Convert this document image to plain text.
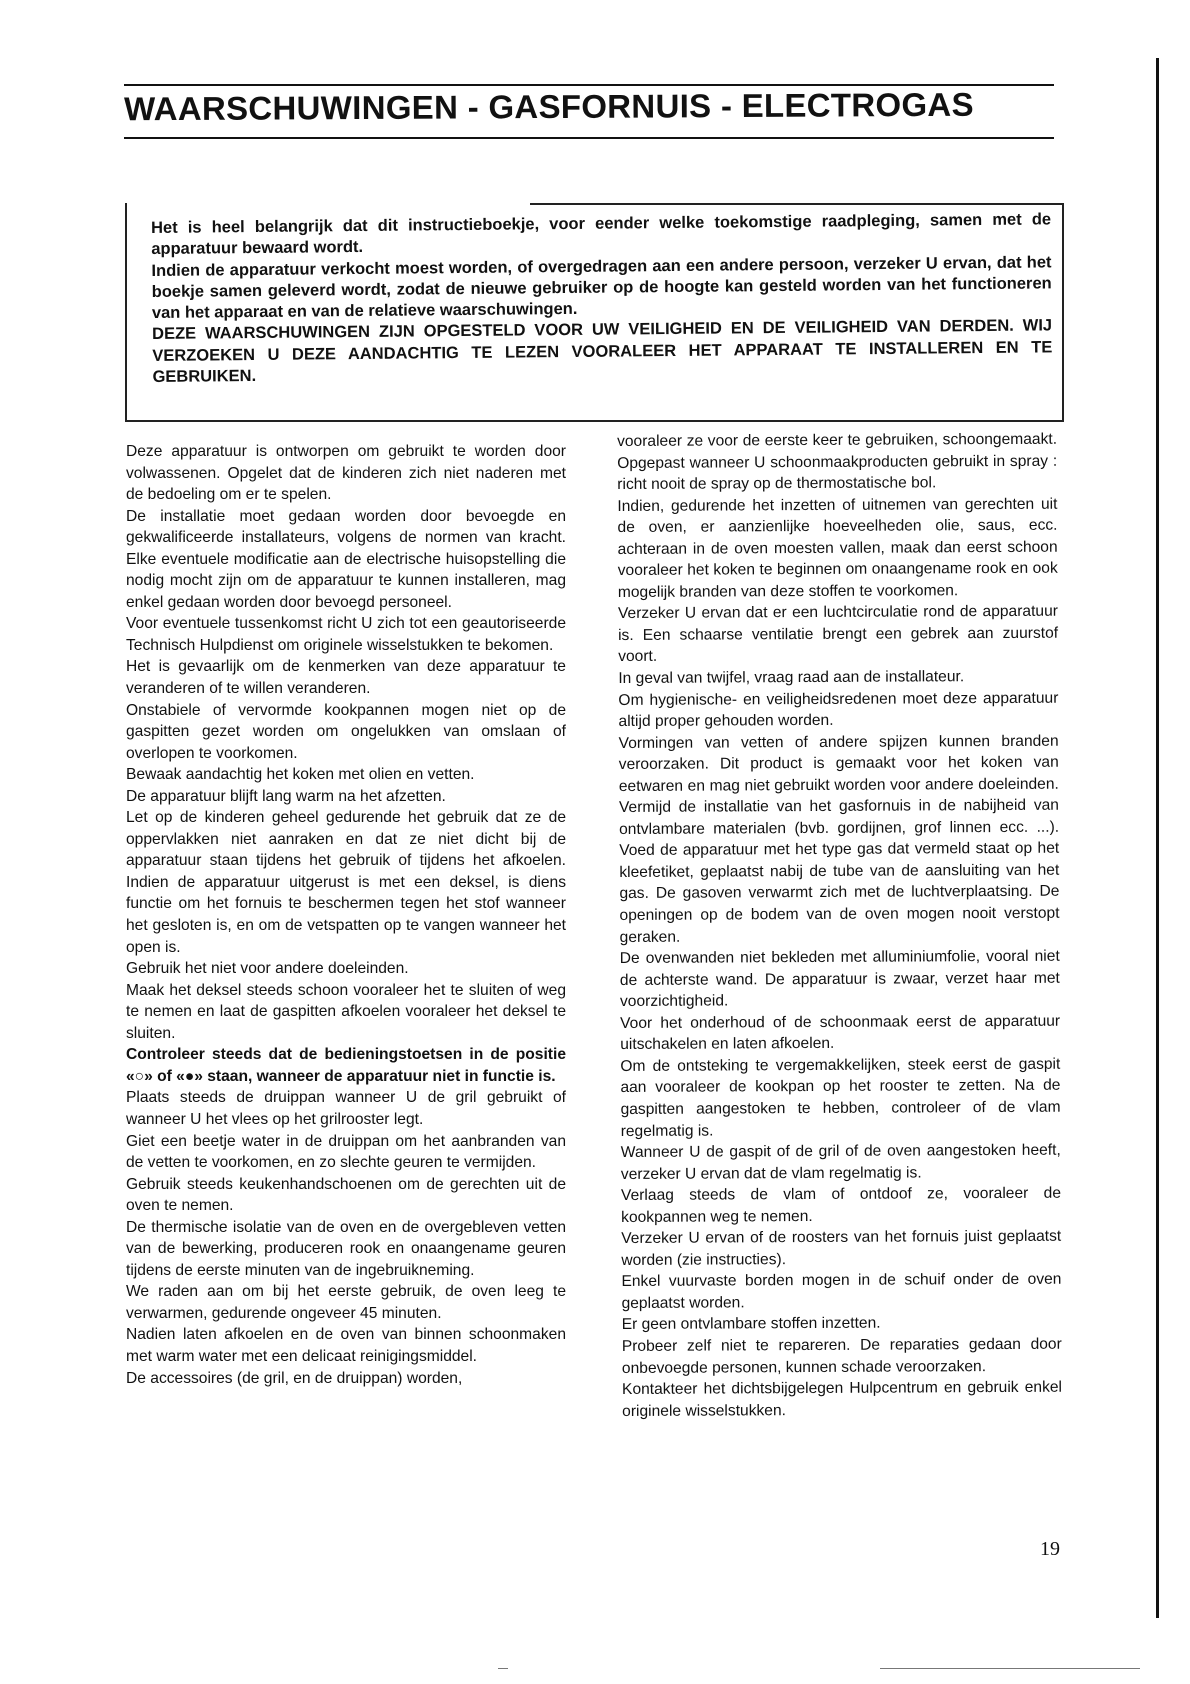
WAARSCHUWINGEN - GASFORNUIS - ELECTROGAS

Het is heel belangrijk dat dit instructieboekje, voor eender welke toekomstige raadpleging, samen met de apparatuur bewaard wordt.

Indien de apparatuur verkocht moest worden, of overgedragen aan een andere persoon, verzeker U ervan, dat het boekje samen geleverd wordt, zodat de nieuwe gebruiker op de hoogte kan gesteld worden van het functioneren van het apparaat en van de relatieve waarschuwingen.

DEZE WAARSCHUWINGEN ZIJN OPGESTELD VOOR UW VEILIGHEID EN DE VEILIGHEID VAN DERDEN. WIJ VERZOEKEN U DEZE AANDACHTIG TE LEZEN VOORALEER HET APPARAAT TE INSTALLEREN EN TE GEBRUIKEN.

Deze apparatuur is ontworpen om gebruikt te worden door volwassenen. Opgelet dat de kinderen zich niet naderen met de bedoeling om er te spelen.

De installatie moet gedaan worden door bevoegde en gekwalificeerde installateurs, volgens de normen van kracht. Elke eventuele modificatie aan de electrische huisopstelling die nodig mocht zijn om de apparatuur te kunnen installeren, mag enkel gedaan worden door bevoegd personeel.

Voor eventuele tussenkomst richt U zich tot een geautoriseerde Technisch Hulpdienst om originele wisselstukken te bekomen.

Het is gevaarlijk om de kenmerken van deze apparatuur te veranderen of te willen veranderen.

Onstabiele of vervormde kookpannen mogen niet op de gaspitten gezet worden om ongelukken van omslaan of overlopen te voorkomen.

Bewaak aandachtig het koken met olien en vetten.

De apparatuur blijft lang warm na het afzetten.

Let op de kinderen geheel gedurende het gebruik dat ze de oppervlakken niet aanraken en dat ze niet dicht bij de apparatuur staan tijdens het gebruik of tijdens het afkoelen. Indien de apparatuur uitgerust is met een deksel, is diens functie om het fornuis te beschermen tegen het stof wanneer het gesloten is, en om de vetspatten op te vangen wanneer het open is.

Gebruik het niet voor andere doeleinden.

Maak het deksel steeds schoon vooraleer het te sluiten of weg te nemen en laat de gaspitten afkoelen vooraleer het deksel te sluiten.

Controleer steeds dat de bedieningstoetsen in de positie «○» of «●» staan, wanneer de apparatuur niet in functie is.

Plaats steeds de druippan wanneer U de gril gebruikt of wanneer U het vlees op het grilrooster legt.

Giet een beetje water in de druippan om het aanbranden van de vetten te voorkomen, en zo slechte geuren te vermijden.

Gebruik steeds keukenhandschoenen om de gerechten uit de oven te nemen.

De thermische isolatie van de oven en de overgebleven vetten van de bewerking, produceren rook en onaangename geuren tijdens de eerste minuten van de ingebruikneming.

We raden aan om bij het eerste gebruik, de oven leeg te verwarmen, gedurende ongeveer 45 minuten.

Nadien laten afkoelen en de oven van binnen schoonmaken met warm water met een delicaat reinigingsmiddel.

De accessoires (de gril, en de druippan) worden,

vooraleer ze voor de eerste keer te gebruiken, schoongemaakt. Opgepast wanneer U schoonmaakproducten gebruikt in spray : richt nooit de spray op de thermostatische bol.

Indien, gedurende het inzetten of uitnemen van gerechten uit de oven, er aanzienlijke hoeveelheden olie, saus, ecc. achteraan in de oven moesten vallen, maak dan eerst schoon vooraleer het koken te beginnen om onaangename rook en ook mogelijk branden van deze stoffen te voorkomen.

Verzeker U ervan dat er een luchtcirculatie rond de apparatuur is. Een schaarse ventilatie brengt een gebrek aan zuurstof voort.

In geval van twijfel, vraag raad aan de installateur.

Om hygienische- en veiligheidsredenen moet deze apparatuur altijd proper gehouden worden.

Vormingen van vetten of andere spijzen kunnen branden veroorzaken. Dit product is gemaakt voor het koken van eetwaren en mag niet gebruikt worden voor andere doeleinden. Vermijd de installatie van het gasfornuis in de nabijheid van ontvlambare materialen (bvb. gordijnen, grof linnen ecc. ...). Voed de apparatuur met het type gas dat vermeld staat op het kleefetiket, geplaatst nabij de tube van de aansluiting van het gas. De gasoven verwarmt zich met de luchtverplaatsing. De openingen op de bodem van de oven mogen nooit verstopt geraken.

De ovenwanden niet bekleden met alluminiumfolie, vooral niet de achterste wand. De apparatuur is zwaar, verzet haar met voorzichtigheid.

Voor het onderhoud of de schoonmaak eerst de apparatuur uitschakelen en laten afkoelen.

Om de ontsteking te vergemakkelijken, steek eerst de gaspit aan vooraleer de kookpan op het rooster te zetten. Na de gaspitten aangestoken te hebben, controleer of de vlam regelmatig is.

Wanneer U de gaspit of de gril of de oven aangestoken heeft, verzeker U ervan dat de vlam regelmatig is.

Verlaag steeds de vlam of ontdoof ze, vooraleer de kookpannen weg te nemen.

Verzeker U ervan of de roosters van het fornuis juist geplaatst worden (zie instructies).

Enkel vuurvaste borden mogen in de schuif onder de oven geplaatst worden.

Er geen ontvlambare stoffen inzetten.

Probeer zelf niet te repareren. De reparaties gedaan door onbevoegde personen, kunnen schade veroorzaken.

Kontakteer het dichtsbijgelegen Hulpcentrum en gebruik enkel originele wisselstukken.

19
